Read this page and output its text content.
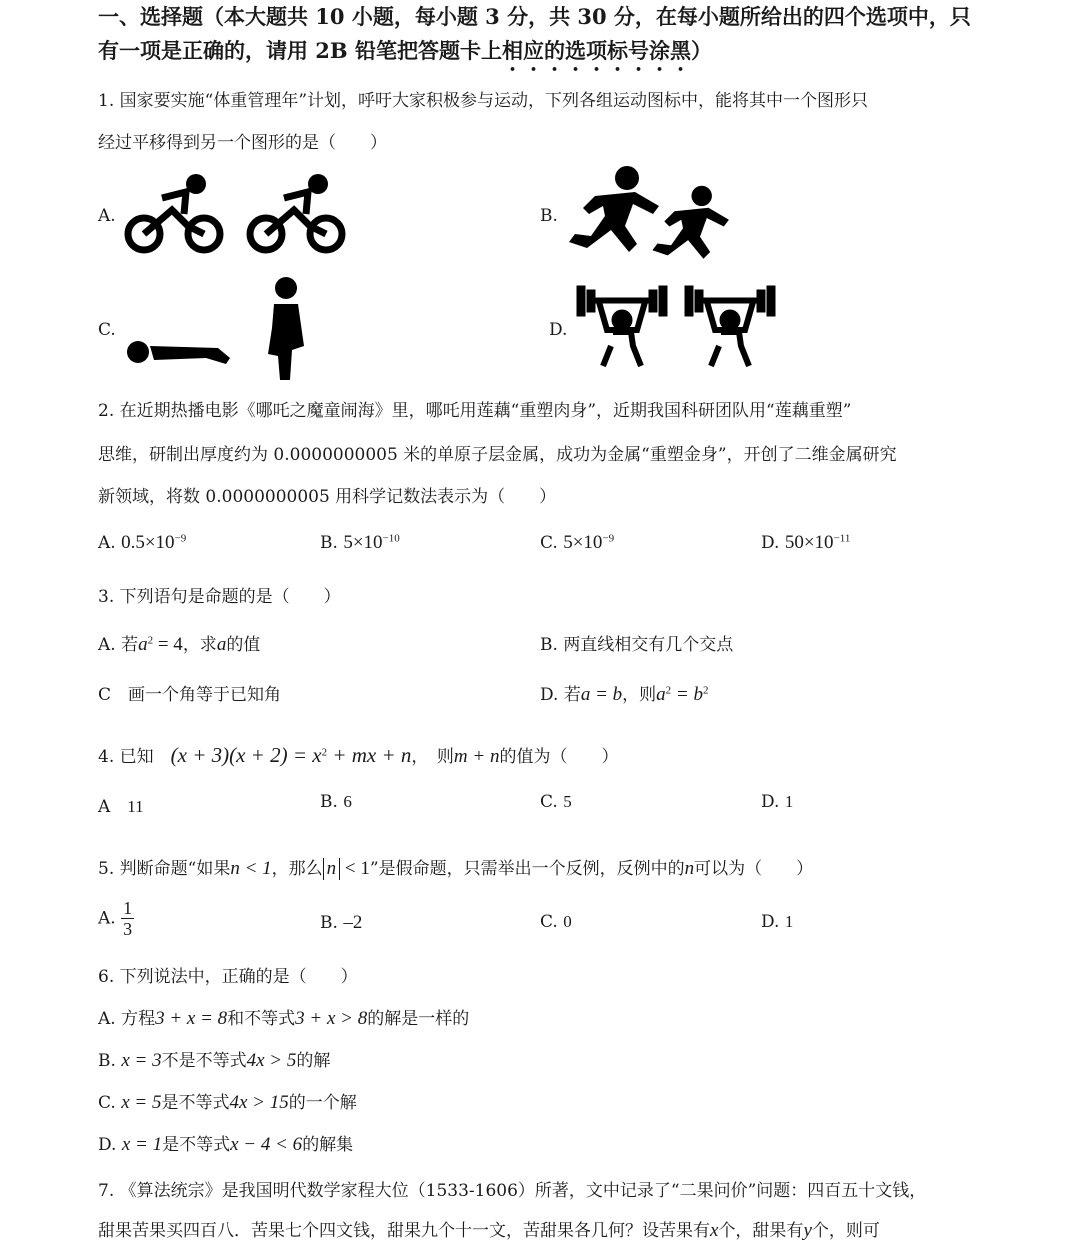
一、选择题（本大题共 10 小题，每小题 3 分，共 30 分，在每小题所给出的四个选项中，只
有一项是正确的，请用 2B 铅笔把答题卡上相应的选项标号涂黑）
1. 国家要实施“体重管理年”计划，呼吁大家积极参与运动，下列各组运动图标中，能将其中一个图形只
经过平移得到另一个图形的是（　　）
A.	B.
C.	D.
2. 在近期热播电影《哪吒之魔童闹海》里，哪吒用莲藕“重塑肉身”，近期我国科研团队用“莲藕重塑”
思维，研制出厚度约为 0.0000000005 米的单原子层金属，成功为金属“重塑金身”，开创了二维金属研究
新领域，将数 0.0000000005 用科学记数法表示为（　　）
A. $0.5\times 10^{-9}$	B. $5\times 10^{-10}$	C. $5\times 10^{-9}$	D. $50\times 10^{-11}$
3. 下列语句是命题的是（　　）
A. 若$a^2 = 4$，求a的值	B. 两直线相交有几个交点
C　 画一个角等于已知角	D. 若a = b，则$a^2 = b^2$
4. 已知　 $(x + 3)(x + 2) = x^2$ + mx + n，　则m + n的值为（　　）
A　 11	B. 6	C. 5	D. 1
5. 判断命题“如果n < 1，那么 n < 1”是假命题，只需举出一个反例，反例中的n可以为（　　）
A. $\frac{1}{3}$	B. –2	C. 0	D. 1
6. 下列说法中，正确的是（　　）
A. 方程3 + x = 8和不等式3 + x > 8的解是一样的
B. x = 3不是不等式4x > 5的解
C. x = 5是不等式4x > 15的一个解
D. x = 1是不等式x − 4 < 6的解集
7. 《算法统宗》是我国明代数学家程大位（1533-1606）所著，文中记录了“二果问价”问题：四百五十文钱，
甜果苦果买四百八．苦果七个四文钱，甜果九个十一文，苦甜果各几何？设苦果有x个，甜果有y个，则可
